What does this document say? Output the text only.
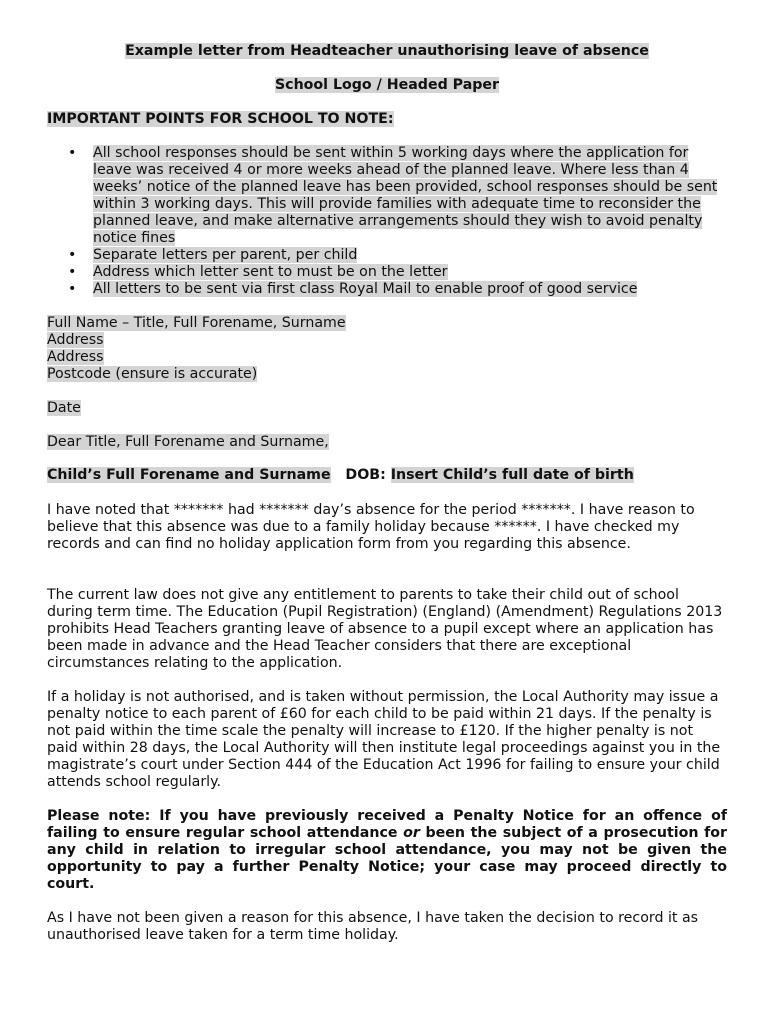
Example letter from Headteacher unauthorising leave of absence

School Logo / Headed Paper

IMPORTANT POINTS FOR SCHOOL TO NOTE:

• All school responses should be sent within 5 working days where the application for leave was received 4 or more weeks ahead of the planned leave. Where less than 4 weeks’ notice of the planned leave has been provided, school responses should be sent within 3 working days. This will provide families with adequate time to reconsider the planned leave, and make alternative arrangements should they wish to avoid penalty notice fines
• Separate letters per parent, per child
• Address which letter sent to must be on the letter
• All letters to be sent via first class Royal Mail to enable proof of good service
Full Name – Title, Full Forename, Surname
Address
Address
Postcode (ensure is accurate)

Date

Dear Title, Full Forename and Surname,

Child’s Full Forename and Surname DOB: Insert Child’s full date of birth

I have noted that ******* had ******* day’s absence for the period *******. I have reason to believe that this absence was due to a family holiday because ******. I have checked my records and can find no holiday application form from you regarding this absence.

The current law does not give any entitlement to parents to take their child out of school during term time. The Education (Pupil Registration) (England) (Amendment) Regulations 2013 prohibits Head Teachers granting leave of absence to a pupil except where an application has been made in advance and the Head Teacher considers that there are exceptional circumstances relating to the application.

If a holiday is not authorised, and is taken without permission, the Local Authority may issue a penalty notice to each parent of £60 for each child to be paid within 21 days. If the penalty is not paid within the time scale the penalty will increase to £120. If the higher penalty is not paid within 28 days, the Local Authority will then institute legal proceedings against you in the magistrate’s court under Section 444 of the Education Act 1996 for failing to ensure your child attends school regularly.

Please note: If you have previously received a Penalty Notice for an offence of failing to ensure regular school attendance or been the subject of a prosecution for any child in relation to irregular school attendance, you may not be given the opportunity to pay a further Penalty Notice; your case may proceed directly to court.

As I have not been given a reason for this absence, I have taken the decision to record it as unauthorised leave taken for a term time holiday.
